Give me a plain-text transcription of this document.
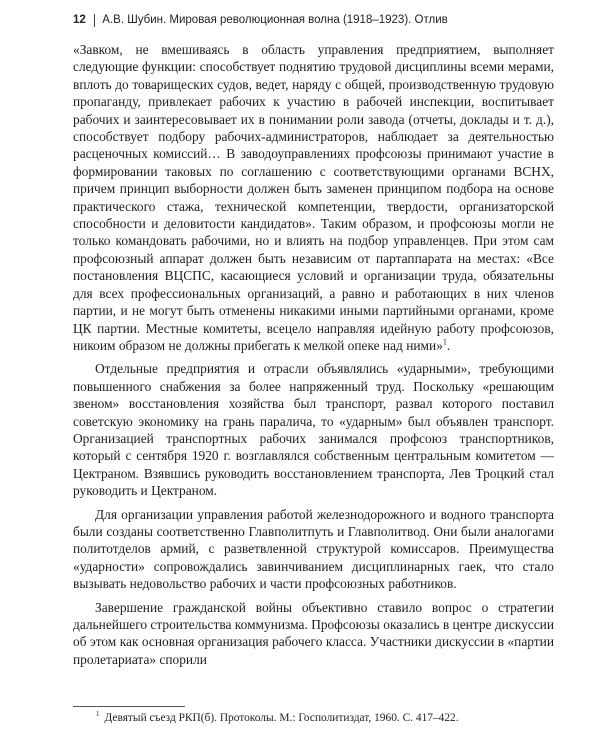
12 А.В. Шубин. Мировая революционная волна (1918–1923). Отлив

«Завком, не вмешиваясь в область управления предприятием, выполняет следующие функции: способствует поднятию трудовой дисциплины всеми мерами, вплоть до товарищеских судов, ведет, наряду с общей, производственную трудовую пропаганду, привлекает рабочих к участию в рабочей инспекции, воспитывает рабочих и заинтересовывает их в понимании роли завода (отчеты, доклады и т. д.), способствует подбору рабочих-администраторов, наблюдает за деятельностью расценочных комиссий… В заводоуправлениях профсоюзы принимают участие в формировании таковых по соглашению с соответствующими органами ВСНХ, причем принцип выборности должен быть заменен принципом подбора на основе практического стажа, технической компетенции, твердости, организаторской способности и деловитости кандидатов». Таким образом, и профсоюзы могли не только командовать рабочими, но и влиять на подбор управленцев. При этом сам профсоюзный аппарат должен быть независим от партаппарата на местах: «Все постановления ВЦСПС, касающиеся условий и организации труда, обязательны для всех профессиональных организаций, а равно и работающих в них членов партии, и не могут быть отменены никакими иными партийными органами, кроме ЦК партии. Местные комитеты, всецело направляя идейную работу профсоюзов, никоим образом не должны прибегать к мелкой опеке над ними»$^1$.

Отдельные предприятия и отрасли объявлялись «ударными», требующими повышенного снабжения за более напряженный труд. Поскольку «решающим звеном» восстановления хозяйства был транспорт, развал которого поставил советскую экономику на грань паралича, то «ударным» был объявлен транспорт. Организацией транспортных рабочих занимался профсоюз транспортников, который с сентября 1920 г. возглавлялся собственным центральным комитетом — Цектраном. Взявшись руководить восстановлением транспорта, Лев Троцкий стал руководить и Цектраном.

Для организации управления работой железнодорожного и водного транспорта были созданы соответственно Главполитпуть и Главполитвод. Они были аналогами политотделов армий, с разветвленной структурой комиссаров. Преимущества «ударности» сопровождались завинчиванием дисциплинарных гаек, что стало вызывать недовольство рабочих и части профсоюзных работников.

Завершение гражданской войны объективно ставило вопрос о стратегии дальнейшего строительства коммунизма. Профсоюзы оказались в центре дискуссии об этом как основная организация рабочего класса. Участники дискуссии в «партии пролетариата» спорили

$^1$ Девятый съезд РКП(б). Протоколы. М.: Госполитиздат, 1960. С. 417–422.
